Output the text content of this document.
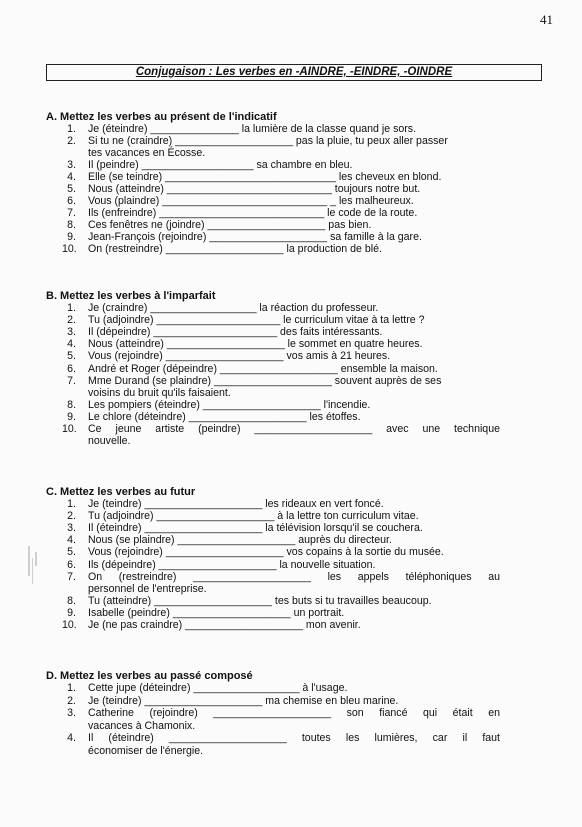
41
Conjugaison : Les verbes en -AINDRE, -EINDRE, -OINDRE
A. Mettez les verbes au présent de l'indicatif
1. Je (éteindre) _______________ la lumière de la classe quand je sors.
2. Si tu ne (craindre) ____________________ pas la pluie, tu peux aller passer
tes vacances en Écosse.
3. Il (peindre) ___________________ sa chambre en bleu.
4. Elle (se teindre) _____________________________ les cheveux en blond.
5. Nous (atteindre) ____________________________ toujours notre but.
6. Vous (plaindre) ____________________________ _ les malheureux.
7. Ils (enfreindre) ____________________________ le code de la route.
8. Ces fenêtres ne (joindre) ____________________ pas bien.
9. Jean-François (rejoindre) ____________________ sa famille à la gare.
10. On (restreindre) ____________________ la production de blé.
B. Mettez les verbes à l'imparfait
1. Je (craindre) __________________ la réaction du professeur.
2. Tu (adjoindre) _____________________ le curriculum vitae à ta lettre ?
3. Il (dépeindre) _____________________ des faits intéressants.
4. Nous (atteindre) ____________________ le sommet en quatre heures.
5. Vous (rejoindre) ____________________ vos amis à 21 heures.
6. André et Roger (dépeindre) ____________________ ensemble la maison.
7. Mme Durand (se plaindre) ____________________ souvent auprès de ses
voisins du bruit qu'ils faisaient.
8. Les pompiers (éteindre) ____________________ l'incendie.
9. Le chlore (déteindre) ____________________ les étoffes.
10. Ce jeune artiste (peindre) ____________________ avec une technique
nouvelle.
C. Mettez les verbes au futur
1. Je (teindre) ____________________ les rideaux en vert foncé.
2. Tu (adjoindre) ____________________ à la lettre ton curriculum vitae.
3. Il (éteindre) ____________________ la télévision lorsqu'il se couchera.
4. Nous (se plaindre) ____________________ auprès du directeur.
5. Vous (rejoindre) ____________________ vos copains à la sortie du musée.
6. Ils (dépeindre) ____________________ la nouvelle situation.
7. On (restreindre) ____________________ les appels téléphoniques au
personnel de l'entreprise.
8. Tu (atteindre) ____________________ tes buts si tu travailles beaucoup.
9. Isabelle (peindre) ____________________ un portrait.
10. Je (ne pas craindre) ____________________ mon avenir.
D. Mettez les verbes au passé composé
1. Cette jupe (déteindre) __________________ à l'usage.
2. Je (teindre) ____________________ ma chemise en bleu marine.
3. Catherine (rejoindre) ____________________ son fiancé qui était en
vacances à Chamonix.
4. Il (éteindre) ____________________ toutes les lumières, car il faut
économiser de l'énergie.
